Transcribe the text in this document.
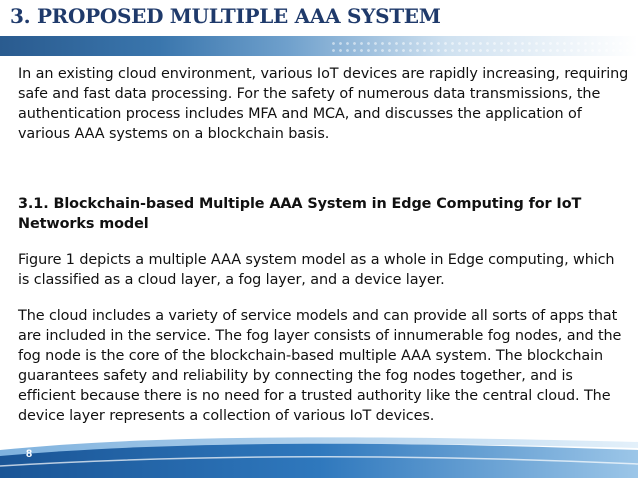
3. PROPOSED MULTIPLE AAA SYSTEM
In an existing cloud environment, various IoT devices are rapidly increasing, requiring safe and fast data processing. For the safety of numerous data transmissions, the authentication process includes MFA and MCA, and discusses the application of various AAA systems on a blockchain basis.
3.1. Blockchain-based Multiple AAA System in Edge Computing for IoT Networks model
Figure 1 depicts a multiple AAA system model as a whole in Edge computing, which is classified as a cloud layer, a fog layer, and a device layer.
The cloud includes a variety of service models and can provide all sorts of apps that are included in the service. The fog layer consists of innumerable fog nodes, and the fog node is the core of the blockchain-based multiple AAA system. The blockchain guarantees safety and reliability by connecting the fog nodes together, and is efficient because there is no need for a trusted authority like the central cloud. The device layer represents a collection of various IoT devices.
8
